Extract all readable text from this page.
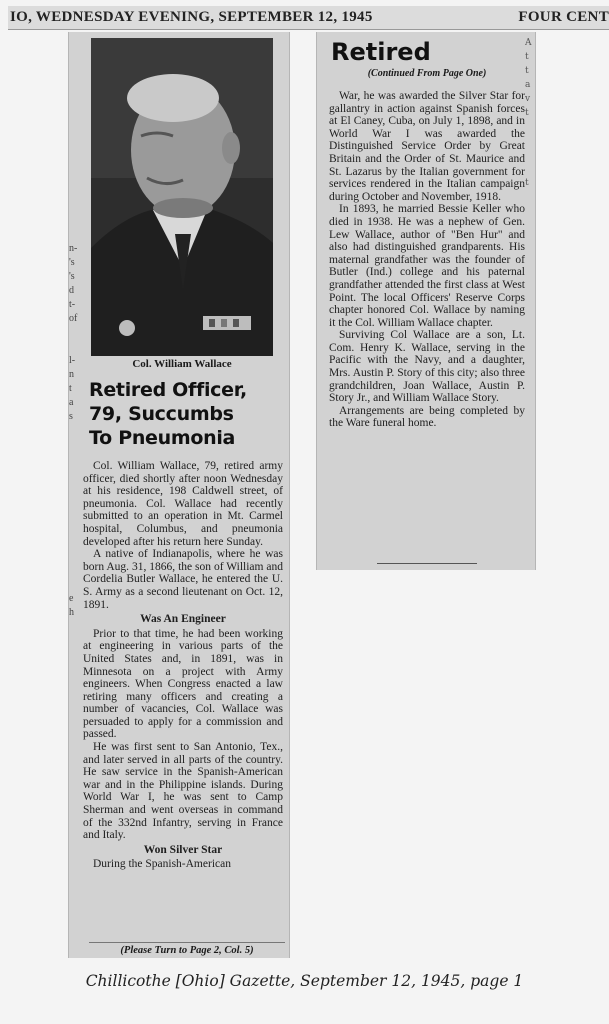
IO, WEDNESDAY EVENING, SEPTEMBER 12, 1945	FOUR CENT
n-
's
's
d
t-
of
l-
n
t
a
s
e
h
Col. William Wallace
Retired Officer,
79, Succumbs
To Pneumonia

Col. William Wallace, 79, retired army officer, died shortly after noon Wednesday at his residence, 198 Caldwell street, of pneumonia. Col. Wallace had recently submitted to an operation in Mt. Carmel hospital, Columbus, and pneumonia developed after his return here Sunday.

A native of Indianapolis, where he was born Aug. 31, 1866, the son of William and Cordelia Butler Wallace, he entered the U. S. Army as a second lieutenant on Oct. 12, 1891.

Was An Engineer

Prior to that time, he had been working at engineering in various parts of the United States and, in 1891, was in Minnesota on a project with Army engineers. When Congress enacted a law retiring many officers and creating a number of vacancies, Col. Wallace was persuaded to apply for a commission and passed.

He was first sent to San Antonio, Tex., and later served in all parts of the country. He saw service in the Spanish-American war and in the Philippine islands. During World War I, he was sent to Camp Sherman and went overseas in command of the 332nd Infantry, serving in France and Italy.

Won Silver Star

During the Spanish-American

(Please Turn to Page 2, Col. 5)
A
t
t
a
v
t
t
Retired
(Continued From Page One)

War, he was awarded the Silver Star for gallantry in action against Spanish forces at El Caney, Cuba, on July 1, 1898, and in World War I was awarded the Distinguished Service Order by Great Britain and the Order of St. Maurice and St. Lazarus by the Italian government for services rendered in the Italian campaign during October and November, 1918.

In 1893, he married Bessie Keller who died in 1938. He was a nephew of Gen. Lew Wallace, author of "Ben Hur" and also had distinguished grandparents. His maternal grandfather was the founder of Butler (Ind.) college and his paternal grandfather attended the first class at West Point. The local Officers' Reserve Corps chapter honored Col. Wallace by naming it the Col. William Wallace chapter.

Surviving Col Wallace are a son, Lt. Com. Henry K. Wallace, serving in the Pacific with the Navy, and a daughter, Mrs. Austin P. Story of this city; also three grandchildren, Joan Wallace, Austin P. Story Jr., and William Wallace Story.

Arrangements are being completed by the Ware funeral home.

Chillicothe [Ohio] Gazette, September 12, 1945, page 1
